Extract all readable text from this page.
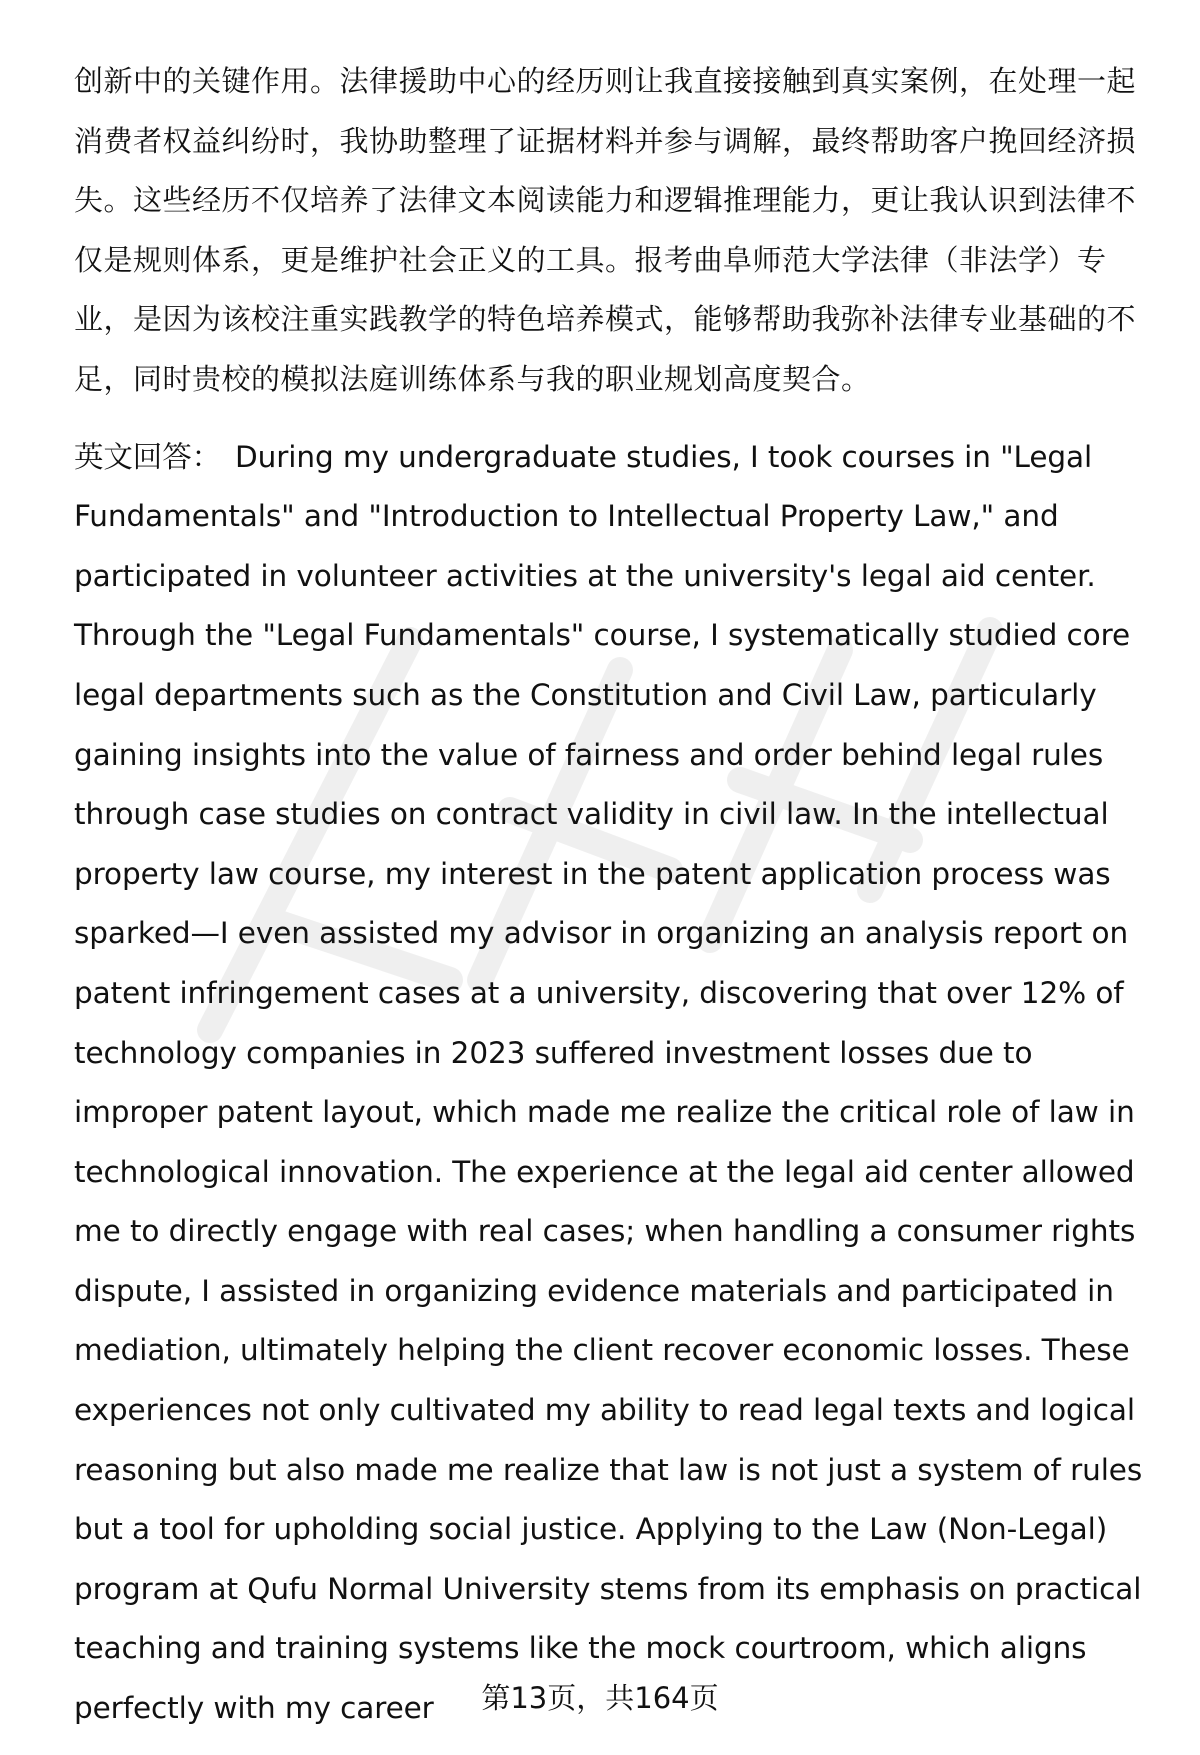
创新中的关键作用。法律援助中心的经历则让我直接接触到真实案例，在处理一起消费者权益纠纷时，我协助整理了证据材料并参与调解，最终帮助客户挽回经济损失。这些经历不仅培养了法律文本阅读能力和逻辑推理能力，更让我认识到法律不仅是规则体系，更是维护社会正义的工具。报考曲阜师范大学法律（非法学）专业，是因为该校注重实践教学的特色培养模式，能够帮助我弥补法律专业基础的不足，同时贵校的模拟法庭训练体系与我的职业规划高度契合。

英文回答： During my undergraduate studies, I took courses in "Legal Fundamentals" and "Introduction to Intellectual Property Law," and participated in volunteer activities at the university's legal aid center. Through the "Legal Fundamentals" course, I systematically studied core legal departments such as the Constitution and Civil Law, particularly gaining insights into the value of fairness and order behind legal rules through case studies on contract validity in civil law. In the intellectual property law course, my interest in the patent application process was sparked—I even assisted my advisor in organizing an analysis report on patent infringement cases at a university, discovering that over 12% of technology companies in 2023 suffered investment losses due to improper patent layout, which made me realize the critical role of law in technological innovation. The experience at the legal aid center allowed me to directly engage with real cases; when handling a consumer rights dispute, I assisted in organizing evidence materials and participated in mediation, ultimately helping the client recover economic losses. These experiences not only cultivated my ability to read legal texts and logical reasoning but also made me realize that law is not just a system of rules but a tool for upholding social justice. Applying to the Law (Non-Legal) program at Qufu Normal University stems from its emphasis on practical teaching and training systems like the mock courtroom, which aligns perfectly with my career	第13页，共164页
